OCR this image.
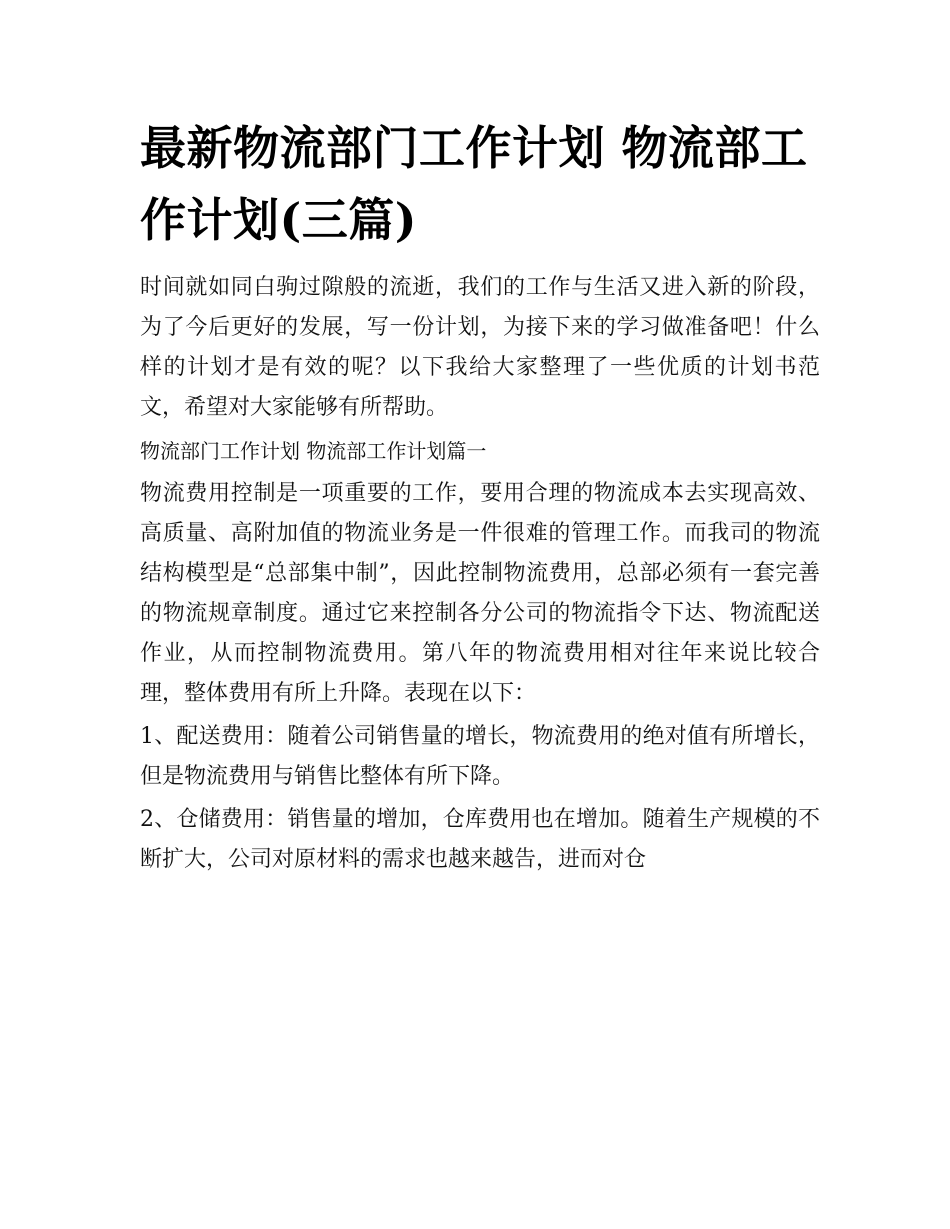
最新物流部门工作计划 物流部工作计划(三篇)

时间就如同白驹过隙般的流逝，我们的工作与生活又进入新的阶段，为了今后更好的发展，写一份计划，为接下来的学习做准备吧！什么样的计划才是有效的呢？以下我给大家整理了一些优质的计划书范文，希望对大家能够有所帮助。

物流部门工作计划 物流部工作计划篇一

物流费用控制是一项重要的工作，要用合理的物流成本去实现高效、高质量、高附加值的物流业务是一件很难的管理工作。而我司的物流结构模型是“总部集中制”，因此控制物流费用，总部必须有一套完善的物流规章制度。通过它来控制各分公司的物流指令下达、物流配送作业，从而控制物流费用。第八年的物流费用相对往年来说比较合理，整体费用有所上升降。表现在以下：

1、配送费用：随着公司销售量的增长，物流费用的绝对值有所增长，但是物流费用与销售比整体有所下降。

2、仓储费用：销售量的增加，仓库费用也在增加。随着生产规模的不断扩大，公司对原材料的需求也越来越告，进而对仓
